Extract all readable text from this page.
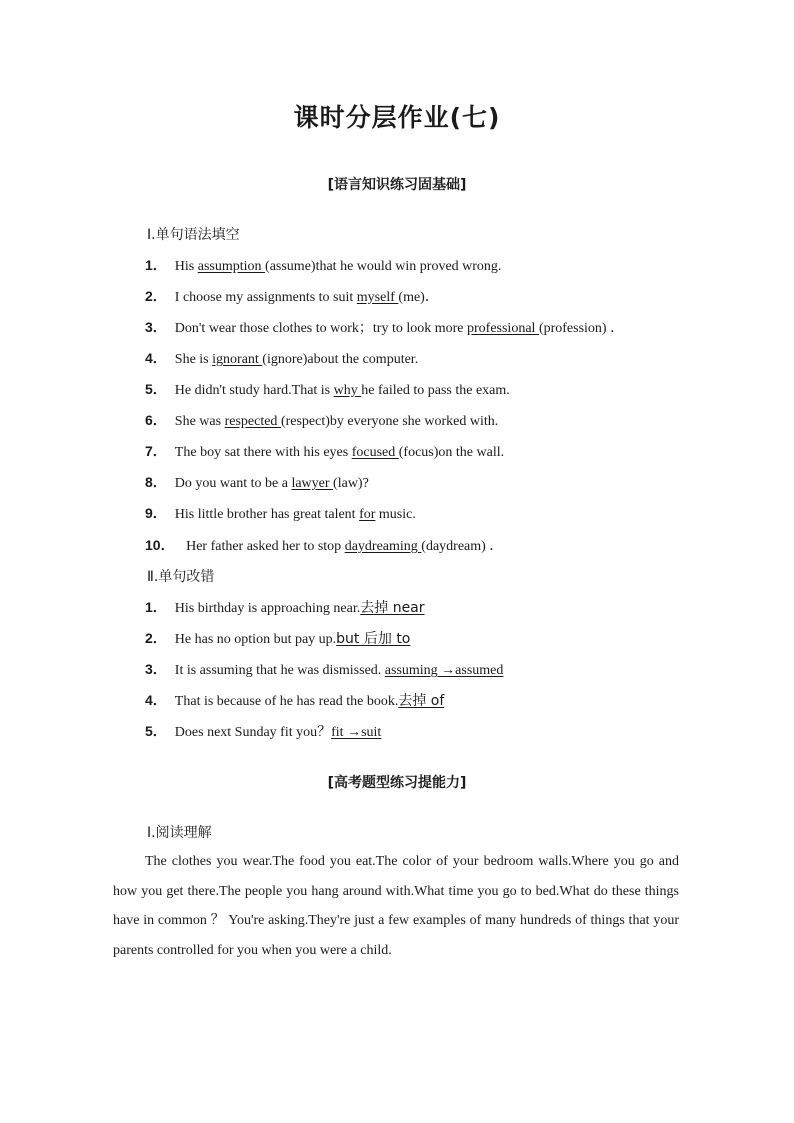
课时分层作业(七)
[语言知识练习固基础]
Ⅰ.单句语法填空
1． His assumption (assume)that he would win proved wrong.
2． I choose my assignments to suit myself (me)．
3． Don't wear those clothes to work；try to look more professional (profession) ．
4． She is ignorant (ignore)about the computer.
5． He didn't study hard.That is why he failed to pass the exam.
6． She was respected (respect)by everyone she worked with.
7． The boy sat there with his eyes focused (focus)on the wall.
8． Do you want to be a lawyer (law)?
9． His little brother has great talent for music.
10． Her father asked her to stop daydreaming (daydream) ．
Ⅱ.单句改错
1． His birthday is approaching near.去掉 near
2． He has no option but pay up.but 后加 to
3． It is assuming that he was dismissed. assuming →assumed
4． That is because of he has read the book.去掉 of
5． Does next Sunday fit you？fit →suit
[高考题型练习提能力]
Ⅰ.阅读理解
The clothes you wear.The food you eat.The color of your bedroom walls.Where you go and how you get there.The people you hang around with.What time you go to bed.What do these things have in common ？ You're asking.They're just a few examples of many hundreds of things that your parents controlled for you when you were a child.
